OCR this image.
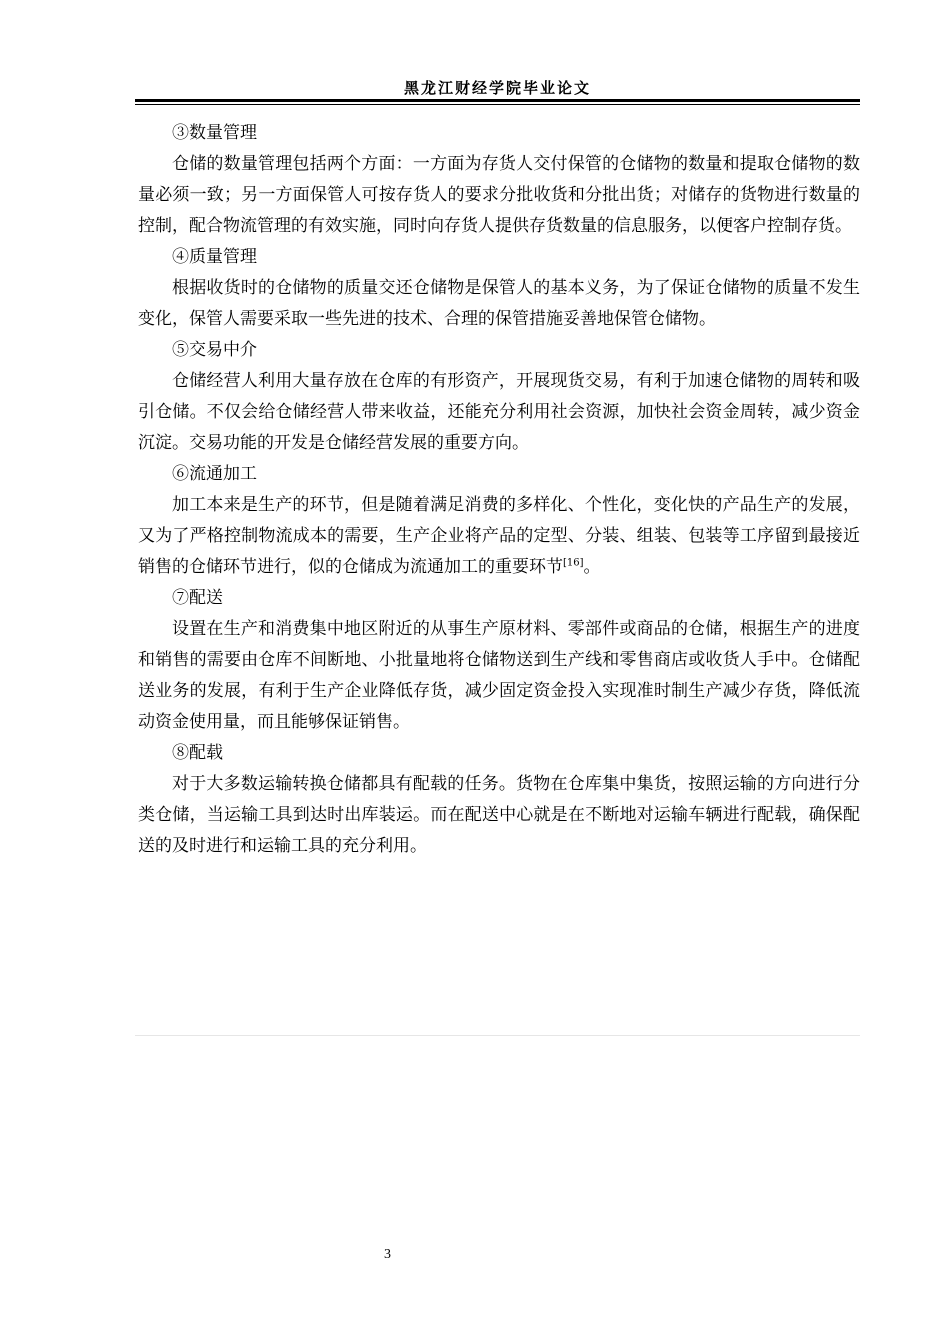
黑龙江财经学院毕业论文

③数量管理

仓储的数量管理包括两个方面：一方面为存货人交付保管的仓储物的数量和提取仓储物的数量必须一致；另一方面保管人可按存货人的要求分批收货和分批出货；对储存的货物进行数量的控制，配合物流管理的有效实施，同时向存货人提供存货数量的信息服务，以便客户控制存货。

④质量管理

根据收货时的仓储物的质量交还仓储物是保管人的基本义务，为了保证仓储物的质量不发生变化，保管人需要采取一些先进的技术、合理的保管措施妥善地保管仓储物。

⑤交易中介

仓储经营人利用大量存放在仓库的有形资产，开展现货交易，有利于加速仓储物的周转和吸引仓储。不仅会给仓储经营人带来收益，还能充分利用社会资源，加快社会资金周转，减少资金沉淀。交易功能的开发是仓储经营发展的重要方向。

⑥流通加工

加工本来是生产的环节，但是随着满足消费的多样化、个性化，变化快的产品生产的发展，又为了严格控制物流成本的需要，生产企业将产品的定型、分装、组装、包装等工序留到最接近销售的仓储环节进行，似的仓储成为流通加工的重要环节[16]。

⑦配送

设置在生产和消费集中地区附近的从事生产原材料、零部件或商品的仓储，根据生产的进度和销售的需要由仓库不间断地、小批量地将仓储物送到生产线和零售商店或收货人手中。仓储配送业务的发展，有利于生产企业降低存货，减少固定资金投入实现准时制生产减少存货，降低流动资金使用量，而且能够保证销售。

⑧配载

对于大多数运输转换仓储都具有配载的任务。货物在仓库集中集货，按照运输的方向进行分类仓储，当运输工具到达时出库装运。而在配送中心就是在不断地对运输车辆进行配载，确保配送的及时进行和运输工具的充分利用。

3
